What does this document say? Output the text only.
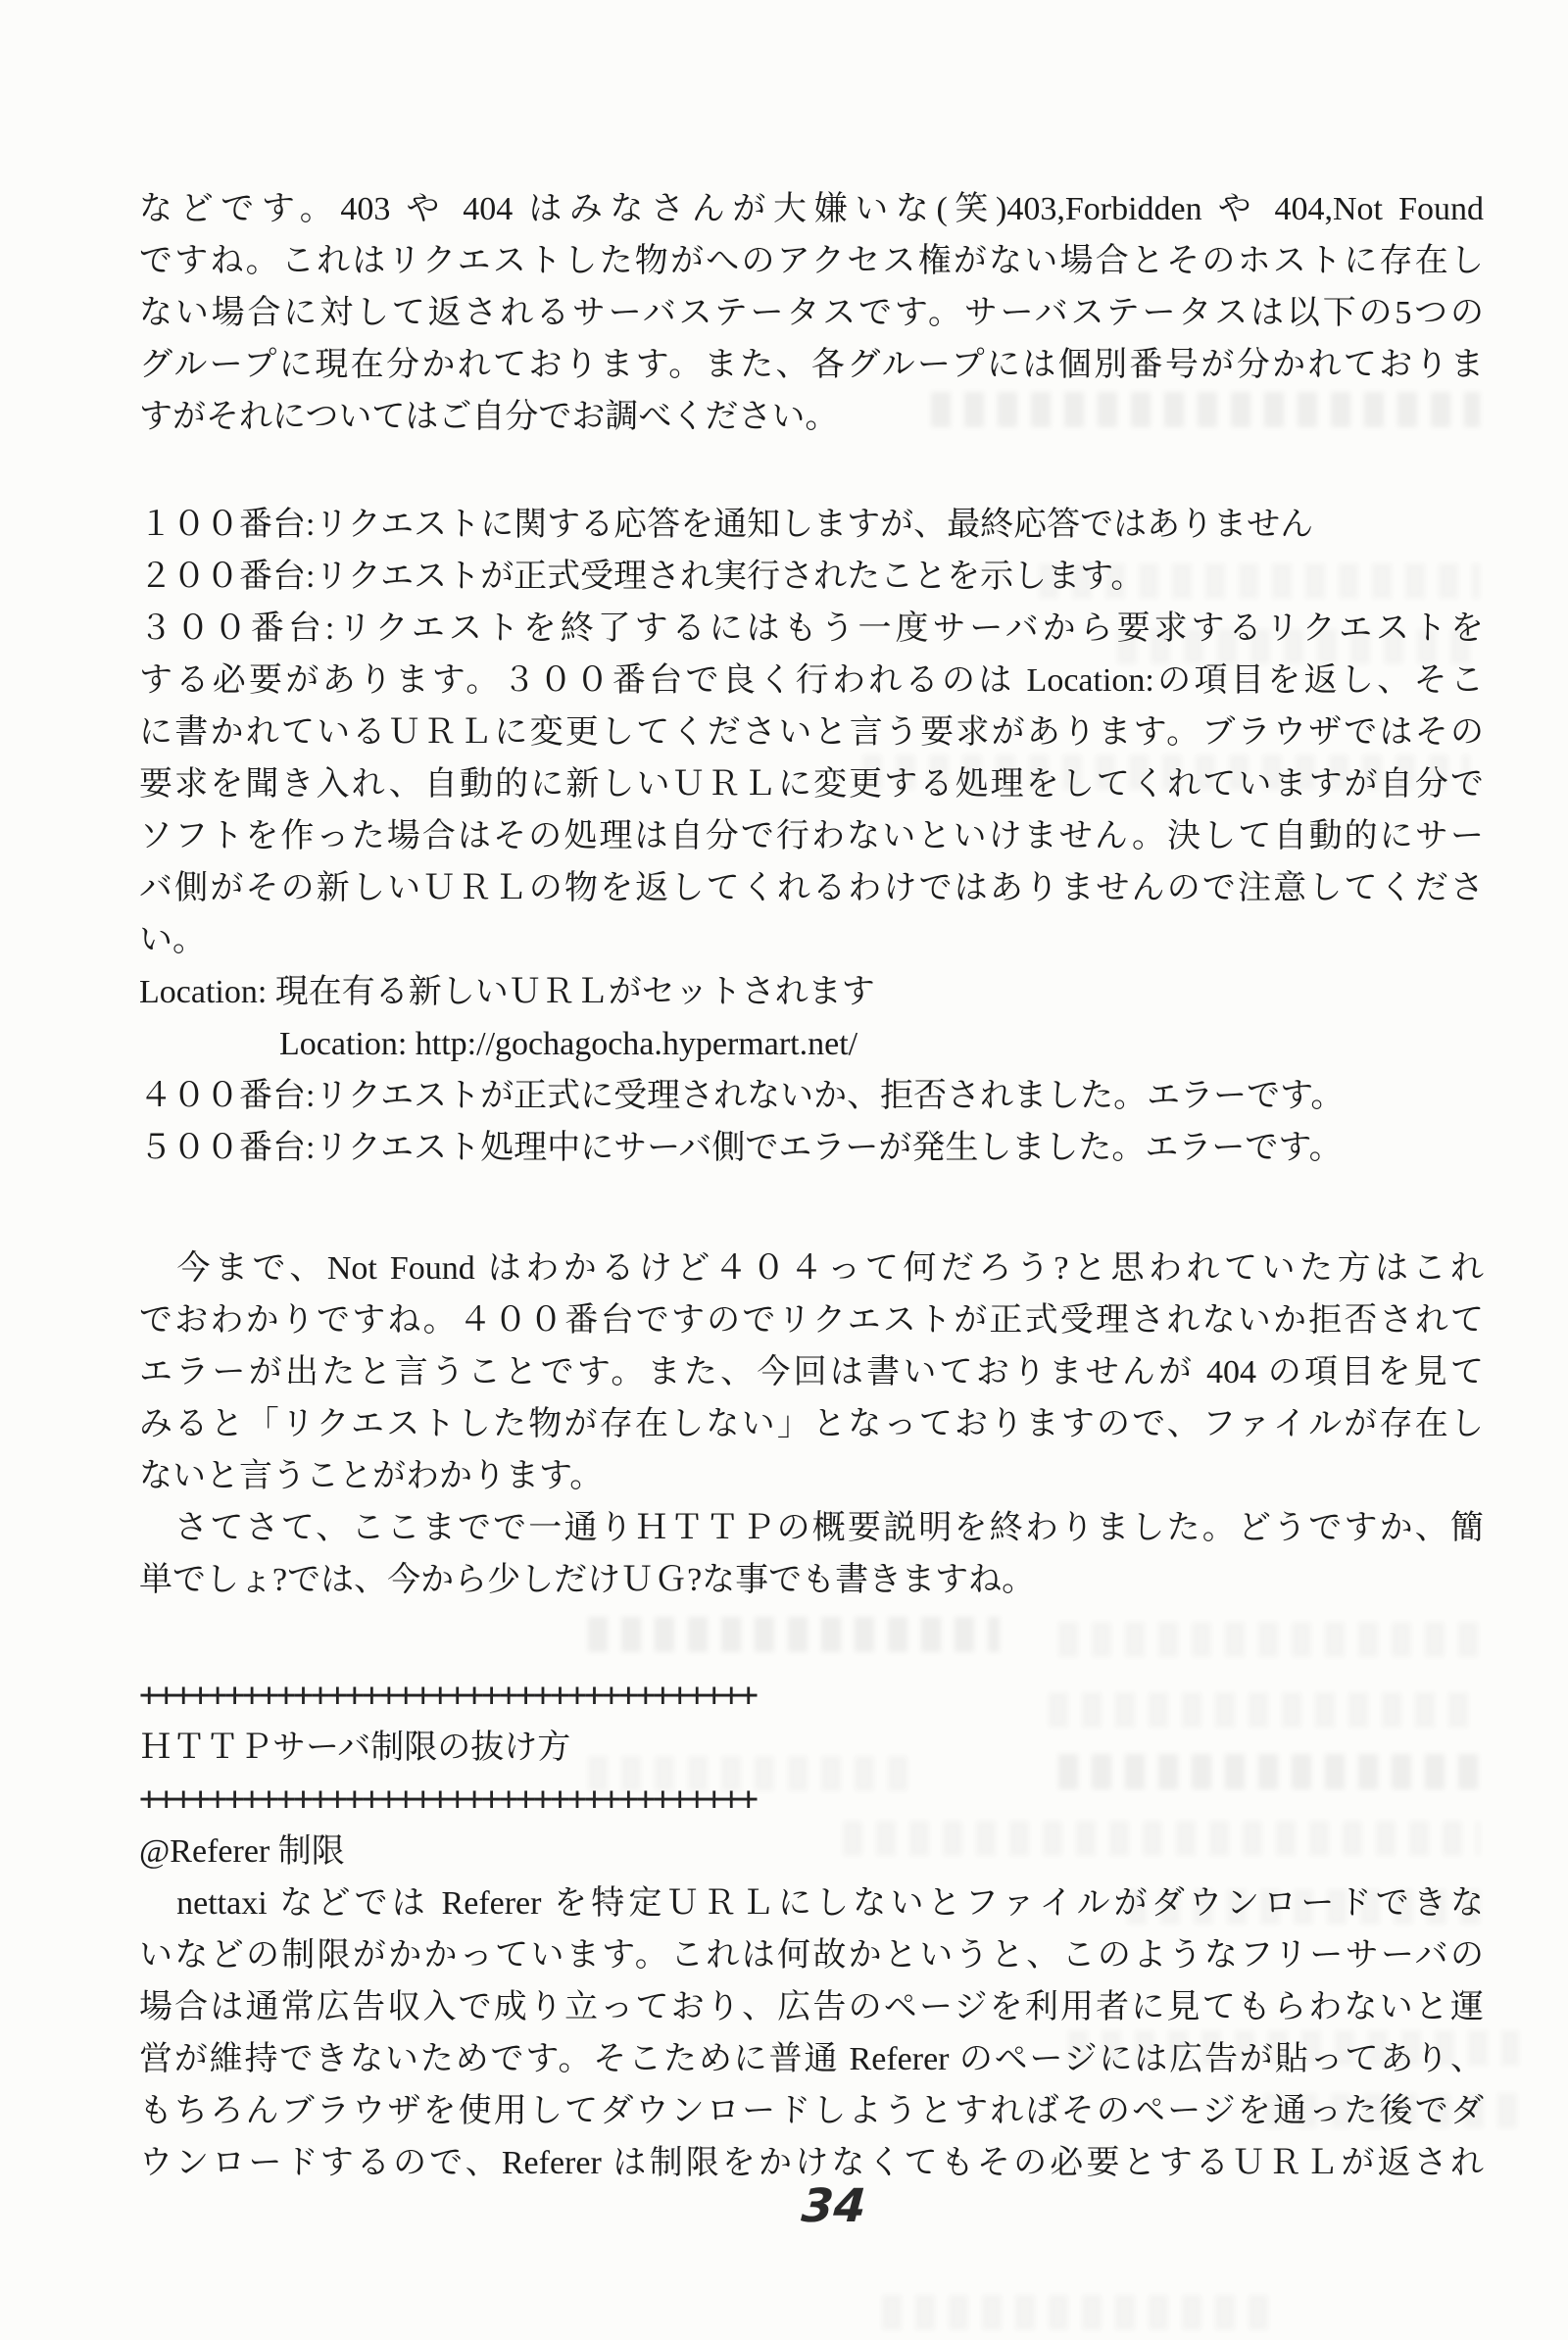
などです。403 や 404 はみなさんが大嫌いな(笑)403,Forbidden や 404,Not Found
ですね。これはリクエストした物がへのアクセス権がない場合とそのホストに存在し
ない場合に対して返されるサーバステータスです。サーバステータスは以下の5つの
グループに現在分かれております。また、各グループには個別番号が分かれておりま
すがそれについてはご自分でお調べください。
１００番台:リクエストに関する応答を通知しますが、最終応答ではありません
２００番台:リクエストが正式受理され実行されたことを示します。
３００番台:リクエストを終了するにはもう一度サーバから要求するリクエストを
する必要があります。３００番台で良く行われるのは Location:の項目を返し、そこ
に書かれているＵＲＬに変更してくださいと言う要求があります。ブラウザではその
要求を聞き入れ、自動的に新しいＵＲＬに変更する処理をしてくれていますが自分で
ソフトを作った場合はその処理は自分で行わないといけません。決して自動的にサー
バ側がその新しいＵＲＬの物を返してくれるわけではありませんので注意してくださ
い。
Location: 現在有る新しいＵＲＬがセットされます
Location: http://gochagocha.hypermart.net/
４００番台:リクエストが正式に受理されないか、拒否されました。エラーです。
５００番台:リクエスト処理中にサーバ側でエラーが発生しました。エラーです。
　今まで、Not Found はわかるけど４０４って何だろう?と思われていた方はこれ
でおわかりですね。４００番台ですのでリクエストが正式受理されないか拒否されて
エラーが出たと言うことです。また、今回は書いておりませんが 404 の項目を見て
みると「リクエストした物が存在しない」となっておりますので、ファイルが存在し
ないと言うことがわかります。
　さてさて、ここまでで一通りＨＴＴＰの概要説明を終わりました。どうですか、簡
単でしょ?では、今から少しだけＵＧ?な事でも書きますね。
++++++++++++++++++++++++++++++++++++
ＨＴＴＰサーバ制限の抜け方
++++++++++++++++++++++++++++++++++++
@Referer 制限
　nettaxi などでは Referer を特定ＵＲＬにしないとファイルがダウンロードできな
いなどの制限がかかっています。これは何故かというと、このようなフリーサーバの
場合は通常広告収入で成り立っており、広告のページを利用者に見てもらわないと運
営が維持できないためです。そこために普通 Referer のページには広告が貼ってあり、
もちろんブラウザを使用してダウンロードしようとすればそのページを通った後でダ
ウンロードするので、Referer は制限をかけなくてもその必要とするＵＲＬが返され
34
